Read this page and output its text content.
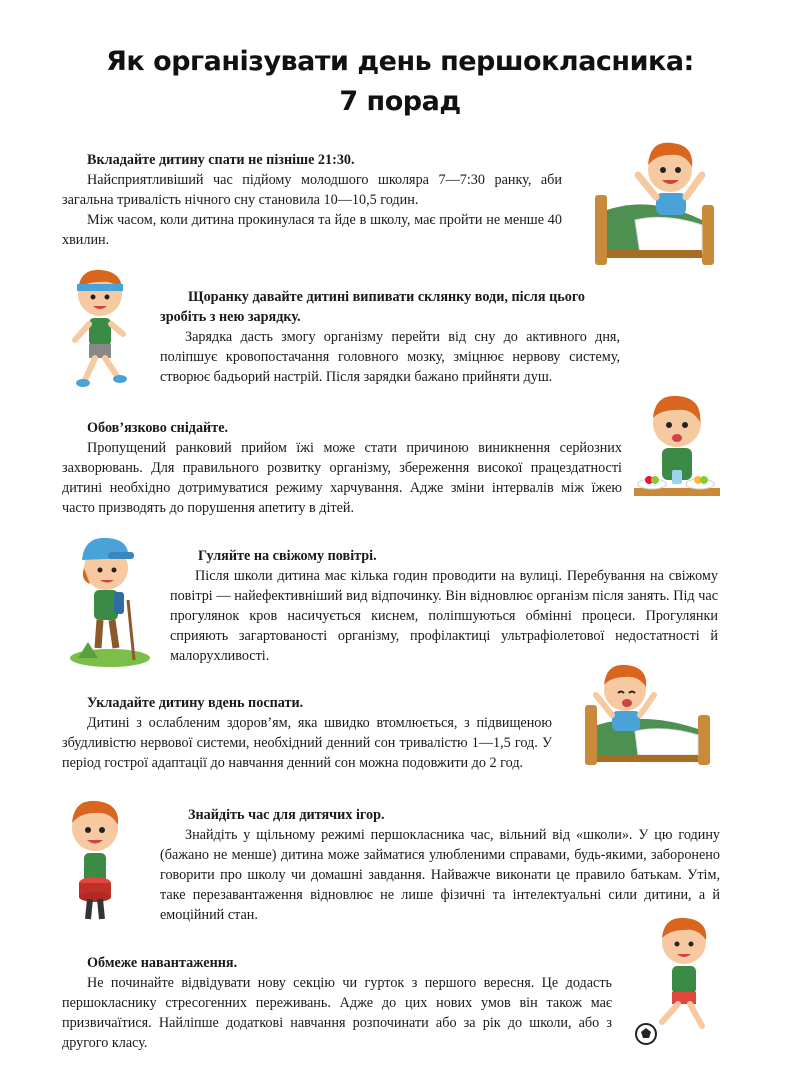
Як організувати день першокласника:
7 порад
Вкладайте дитину спати не пізніше 21:30.

Найсприятливіший час підйому молодшого школяра 7—7:30 ранку, аби загальна тривалість нічного сну становила 10—10,5 годин.

Між часом, коли дитина прокинулася та йде в школу, має пройти не менше 40 хвилин.

Щоранку давайте дитині випивати склянку води, після цього зробіть з нею зарядку.

Зарядка дасть змогу організму перейти від сну до активного дня, поліпшує кровопостачання головного мозку, зміцнює нервову систему, створює бадьорий настрій. Після зарядки бажано прийняти душ.

Обов’язково снідайте.

Пропущений ранковий прийом їжі може стати причиною виникнення серйозних захворювань. Для правильного розвитку організму, збереження високої працездатності дитині необхідно дотримуватися режиму харчування. Адже зміни інтервалів між їжею часто призводять до порушення апетиту в дітей.

Гуляйте на свіжому повітрі.

Після школи дитина має кілька годин проводити на вулиці. Перебування на свіжому повітрі — найефективніший вид відпочинку. Він відновлює організм після занять. Під час прогулянок кров насичується киснем, поліпшуються обмінні процеси. Прогулянки сприяють загартованості організму, профілактиці ультрафіолетової недостатності й малорухливості.

Укладайте дитину вдень поспати.

Дитині з ослабленим здоров’ям, яка швидко втомлюється, з підвищеною збудливістю нервової системи, необхідний денний сон тривалістю 1—1,5 год. У період гострої адаптації до навчання денний сон можна подовжити до 2 год.

Знайдіть час для дитячих ігор.

Знайдіть у щільному режимі першокласника час, вільний від «школи». У цю годину (бажано не менше) дитина може займатися улюбленими справами, будь-якими, заборонено говорити про школу чи домашні завдання. Найважче виконати це правило батькам. Утім, таке перезавантаження відновлює не лише фізичні та інтелектуальні сили дитини, а й емоційний стан.

Обмеже навантаження.

Не починайте відвідувати нову секцію чи гурток з першого вересня. Це додасть першокласнику стресогенних переживань. Адже до цих нових умов він також має призвичаїтися. Найліпше додаткові навчання розпочинати або за рік до школи, або з другого класу.
